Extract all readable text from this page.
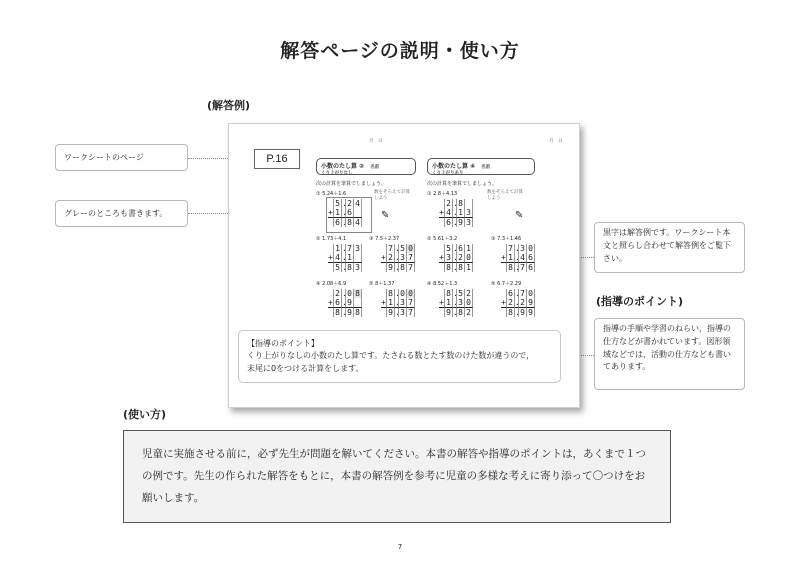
解答ページの説明・使い方
(解答例)
ワークシートのページ
グレーのところも書きます。
黒字は解答例です。ワークシート本文と照らし合わせて解答例をご覧下さい。
(指導のポイント)
指導の手順や学習のねらい，指導の仕方などが書かれています。図形領域などでは，活動の仕方なども書いてあります。
月　日	月　日
小数のたし算 ② 名前
くり上がりなし
小数のたし算 ④ 名前
くり上がりあり
次の計算を筆算でしましょう。	次の計算を筆算でしましょう。
① 5.24＋1.6
② 1.73＋4.1	③ 7.5＋2.37
④ 2.08＋6.9	⑤ 8＋1.37
① 2.8＋4.13
② 5.61＋3.2	③ 7.3＋1.46
④ 8.52＋1.3	⑤ 6.7＋2.29
数をそろえて計算しよう
数をそろえて計算しよう
✎	✎
5 . 2 4
+ 1 . 6
6 . 8 4
1 . 7 3
+ 4 . 1
5 . 8 3
7 . 5 0
+ 2 . 3 7
9 . 8 7
2 . 0 8
+ 6 . 9
8 . 9 8
8 . 0 0
+ 1 . 3 7
9 . 3 7
2 . 8
+ 4 . 1 3
6 . 9 3
5 . 6 1
+ 3 . 2 0
8 . 8 1
7 . 3 0
+ 1 . 4 6
8 . 7 6
8 . 5 2
+ 1 . 3 0
9 . 8 2
6 . 7 0
+ 2 . 2 9
8 . 9 9
P.16
【指導のポイント】
くり上がりなしの小数のたし算です。たされる数とたす数のけた数が違うので，
末尾に0をつける計算をします。
(使い方)
児童に実施させる前に，必ず先生が問題を解いてください。本書の解答や指導のポイントは，あくまで１つの例です。先生の作られた解答をもとに，本書の解答例を参考に児童の多様な考えに寄り添って〇つけをお願いします。
7
